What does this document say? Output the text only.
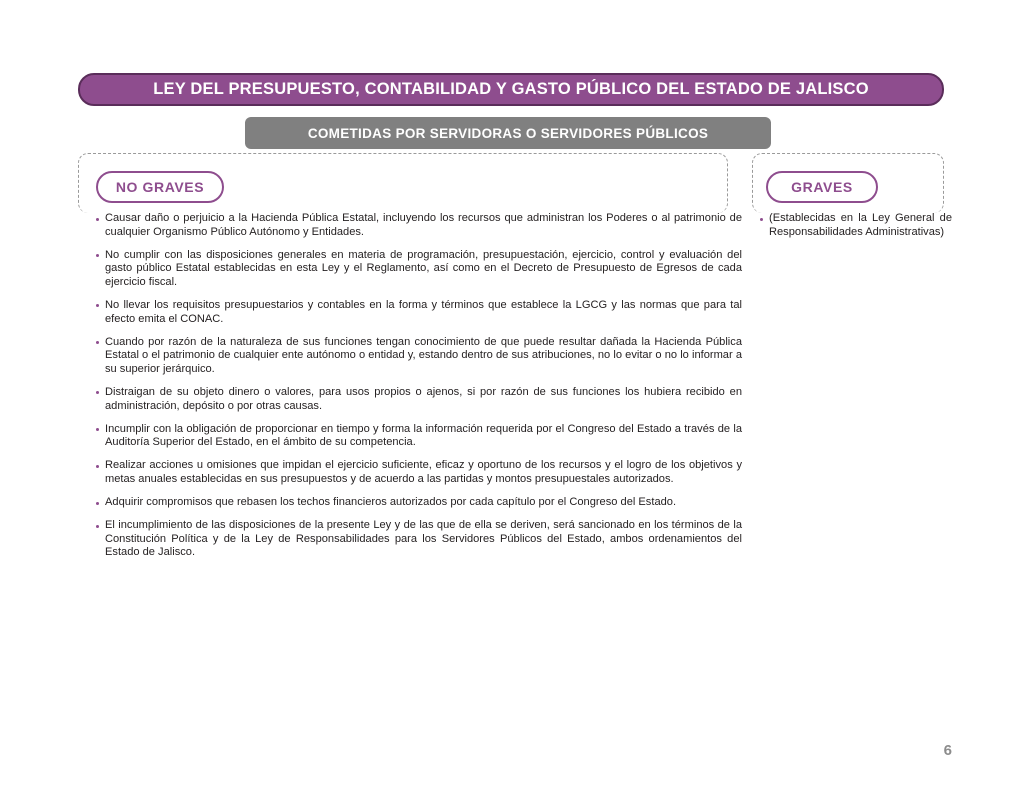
LEY DEL PRESUPUESTO, CONTABILIDAD Y GASTO PÚBLICO DEL ESTADO DE JALISCO
COMETIDAS POR SERVIDORAS O SERVIDORES PÚBLICOS
NO GRAVES	GRAVES
Causar daño o perjuicio a la Hacienda Pública Estatal, incluyendo los recursos que administran los Poderes o al patrimonio de cualquier Organismo Público Autónomo y Entidades.
No cumplir con las disposiciones generales en materia de programación, presupuestación, ejercicio, control y evaluación del gasto público Estatal establecidas en esta Ley y el Reglamento, así como en el Decreto de Presupuesto de Egresos de cada ejercicio fiscal.
No llevar los requisitos presupuestarios y contables en la forma y términos que establece la LGCG y las normas que para tal efecto emita el CONAC.
Cuando por razón de la naturaleza de sus funciones tengan conocimiento de que puede resultar dañada la Hacienda Pública Estatal o el patrimonio de cualquier ente autónomo o entidad y, estando dentro de sus atribuciones, no lo evitar o no lo informar a su superior jerárquico.
Distraigan de su objeto dinero o valores, para usos propios o ajenos, si por razón de sus funciones los hubiera recibido en administración, depósito o por otras causas.
Incumplir con la obligación de proporcionar en tiempo y forma la información requerida por el Congreso del Estado a través de la Auditoría Superior del Estado, en el ámbito de su competencia.
Realizar acciones u omisiones que impidan el ejercicio suficiente, eficaz y oportuno de los recursos y el logro de los objetivos y metas anuales establecidas en sus presupuestos y de acuerdo a las partidas y montos presupuestales autorizados.
Adquirir compromisos que rebasen los techos financieros autorizados por cada capítulo por el Congreso del Estado.
El incumplimiento de las disposiciones de la presente Ley y de las que de ella se deriven, será sancionado en los términos de la Constitución Política y de la Ley de Responsabilidades para los Servidores Públicos del Estado, ambos ordenamientos del Estado de Jalisco.
(Establecidas en la Ley General de Responsabilidades Administrativas)
6
